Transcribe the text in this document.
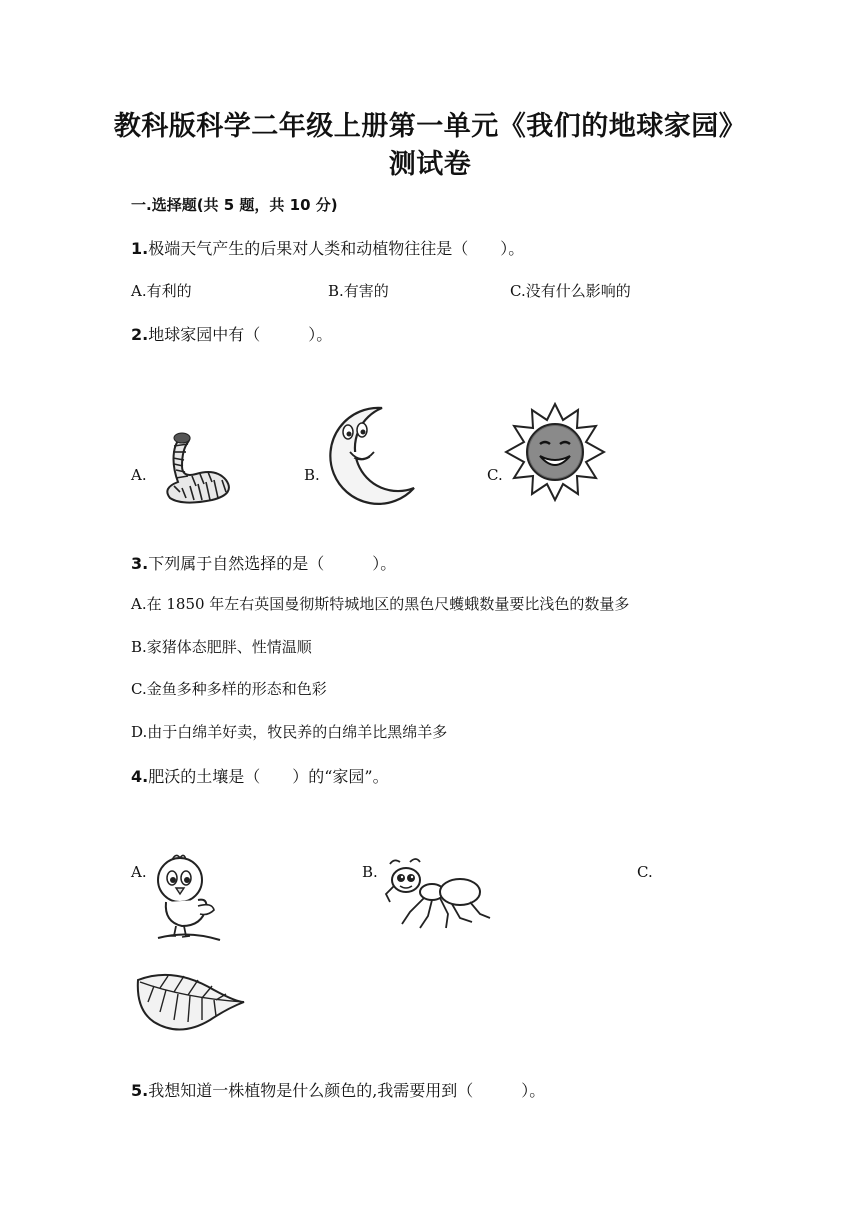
教科版科学二年级上册第一单元《我们的地球家园》
测试卷
一.选择题(共 5 题，共 10 分)
1.极端天气产生的后果对人类和动植物往往是（　　）。
A.有利的	B.有害的	C.没有什么影响的
2.地球家园中有（　　　）。
A.	B.	C.
3.下列属于自然选择的是（　　　）。
A.在 1850 年左右英国曼彻斯特城地区的黑色尺蠖蛾数量要比浅色的数量多
B.家猪体态肥胖、性情温顺
C.金鱼多种多样的形态和色彩
D.由于白绵羊好卖，牧民养的白绵羊比黑绵羊多
4.肥沃的土壤是（　　）的“家园”。
A.	B.	C.
5.我想知道一株植物是什么颜色的,我需要用到（　　　）。
